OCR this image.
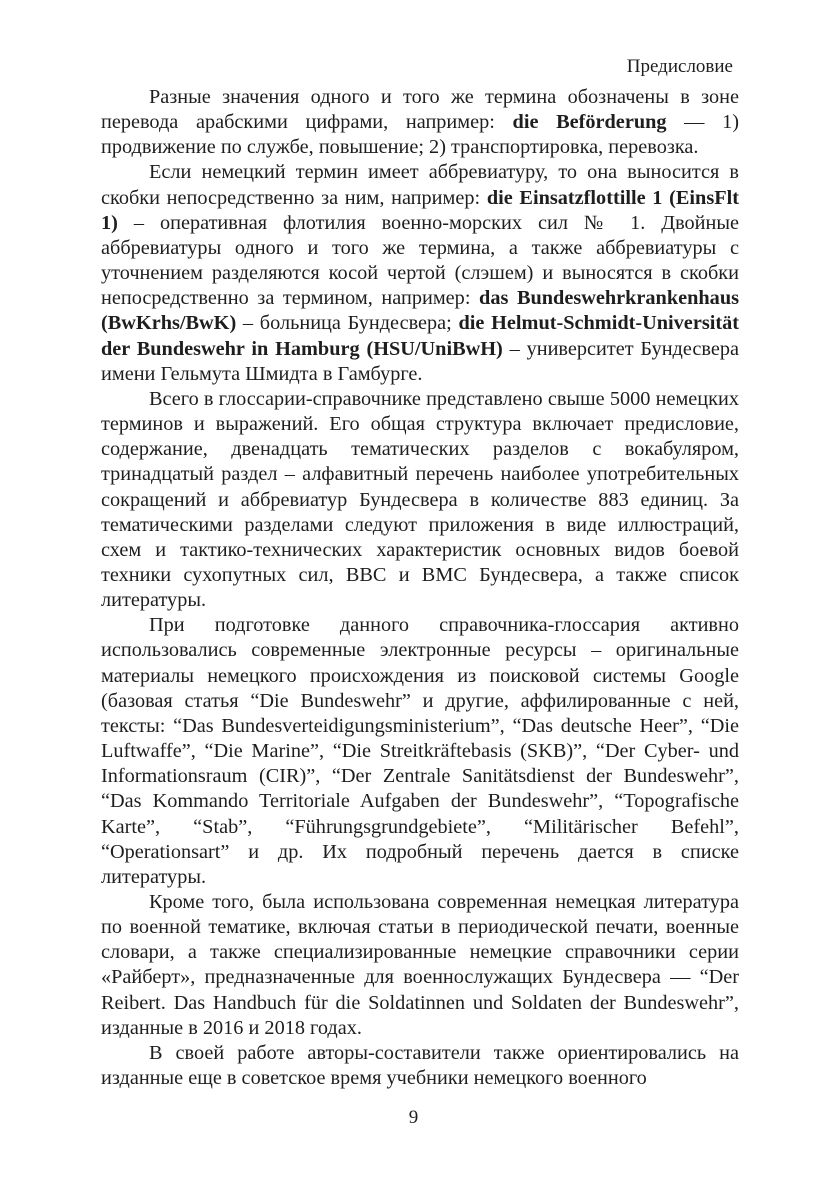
Предисловие

Разные значения одного и того же термина обозначены в зоне перевода арабскими цифрами, например: die Beförderung — 1) продвижение по службе, повышение; 2) транспортировка, перевозка.

Если немецкий термин имеет аббревиатуру, то она выносится в скобки непосредственно за ним, например: die Einsatzflottille 1 (EinsFlt 1) – оперативная флотилия военно-морских сил № 1. Двойные аббревиатуры одного и того же термина, а также аббревиатуры с уточнением разделяются косой чертой (слэшем) и выносятся в скобки непосредственно за термином, например: das Bundeswehrkrankenhaus (BwKrhs/BwK) – больница Бундесвера; die Helmut-Schmidt-Universität der Bundeswehr in Hamburg (HSU/UniBwH) – университет Бундесвера имени Гельмута Шмидта в Гамбурге.

Всего в глоссарии-справочнике представлено свыше 5000 немецких терминов и выражений. Его общая структура включает предисловие, содержание, двенадцать тематических разделов с вокабуляром, тринадцатый раздел – алфавитный перечень наиболее употребительных сокращений и аббревиатур Бундесвера в количестве 883 единиц. За тематическими разделами следуют приложения в виде иллюстраций, схем и тактико-технических характеристик основных видов боевой техники сухопутных сил, ВВС и ВМС Бундесвера, а также список литературы.

При подготовке данного справочника-глоссария активно использовались современные электронные ресурсы – оригинальные материалы немецкого происхождения из поисковой системы Google (базовая статья “Die Bundeswehr” и другие, аффилированные с ней, тексты: “Das Bundesverteidigungsministerium”, “Das deutsche Heer”, “Die Luftwaffe”, “Die Marine”, “Die Streitkräftebasis (SKB)”, “Der Cyber- und Informationsraum (CIR)”, “Der Zentrale Sanitätsdienst der Bundeswehr”, “Das Kommando Territoriale Aufgaben der Bundeswehr”, “Topografische Karte”, “Stab”, “Führungsgrundgebiete”, “Militärischer Befehl”, “Operationsart” и др. Их подробный перечень дается в списке литературы.

Кроме того, была использована современная немецкая литература по военной тематике, включая статьи в периодической печати, военные словари, а также специализированные немецкие справочники серии «Райберт», предназначенные для военнослужащих Бундесвера — “Der Reibert. Das Handbuch für die Soldatinnen und Soldaten der Bundeswehr”, изданные в 2016 и 2018 годах.

В своей работе авторы-составители также ориентировались на изданные еще в советское время учебники немецкого военного

9
